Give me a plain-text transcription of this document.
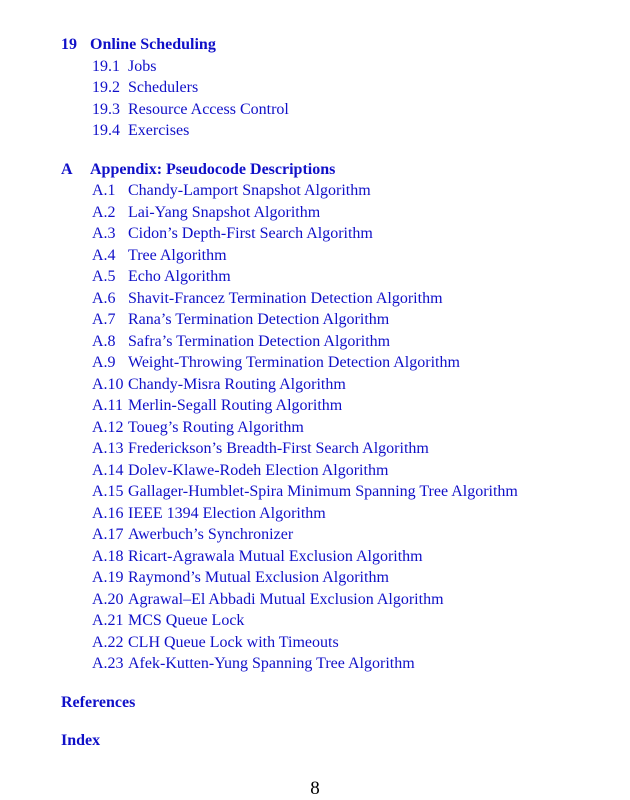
19 Online Scheduling
19.1 Jobs
19.2 Schedulers
19.3 Resource Access Control
19.4 Exercises
A	Appendix: Pseudocode Descriptions
A.1 Chandy-Lamport Snapshot Algorithm
A.2 Lai-Yang Snapshot Algorithm
A.3 Cidon’s Depth-First Search Algorithm
A.4 Tree Algorithm
A.5 Echo Algorithm
A.6 Shavit-Francez Termination Detection Algorithm
A.7 Rana’s Termination Detection Algorithm
A.8 Safra’s Termination Detection Algorithm
A.9 Weight-Throwing Termination Detection Algorithm
A.10 Chandy-Misra Routing Algorithm
A.11 Merlin-Segall Routing Algorithm
A.12 Toueg’s Routing Algorithm
A.13 Frederickson’s Breadth-First Search Algorithm
A.14 Dolev-Klawe-Rodeh Election Algorithm
A.15 Gallager-Humblet-Spira Minimum Spanning Tree Algorithm
A.16 IEEE 1394 Election Algorithm
A.17 Awerbuch’s Synchronizer
A.18 Ricart-Agrawala Mutual Exclusion Algorithm
A.19 Raymond’s Mutual Exclusion Algorithm
A.20 Agrawal–El Abbadi Mutual Exclusion Algorithm
A.21 MCS Queue Lock
A.22 CLH Queue Lock with Timeouts
A.23 Afek-Kutten-Yung Spanning Tree Algorithm
References
Index
8
